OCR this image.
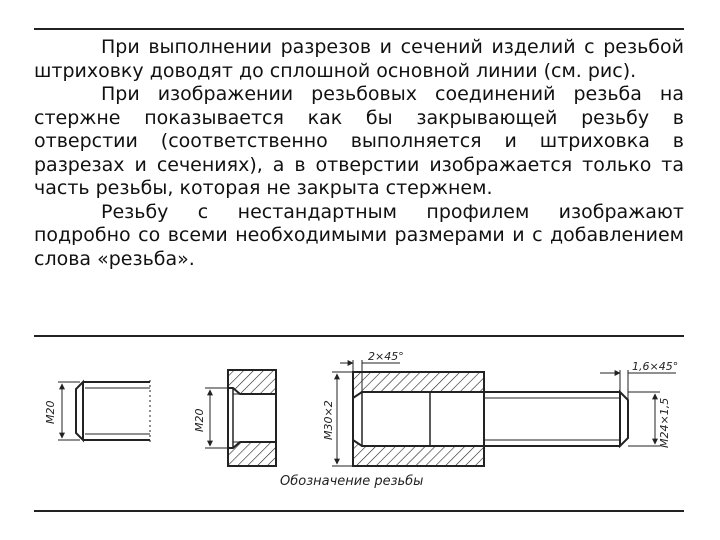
При выполнении разрезов и сечений изделий с резьбой штриховку доводят до сплошной основной линии (см. рис).

При изображении резьбовых соединений резьба на стержне показывается как бы закрывающей резьбу в отверстии (соответственно выполняется и штриховка в разрезах и сечениях), а в отверстии изображается только та часть резьбы, которая не закрыта стержнем.

Резьбу с нестандартным профилем изображают подробно со всеми необходимыми размерами и с добавлением слова «резьба».

M20	M20	M30×2
2×45°
1,6×45°
M24×1,5
Обозначение резьбы
